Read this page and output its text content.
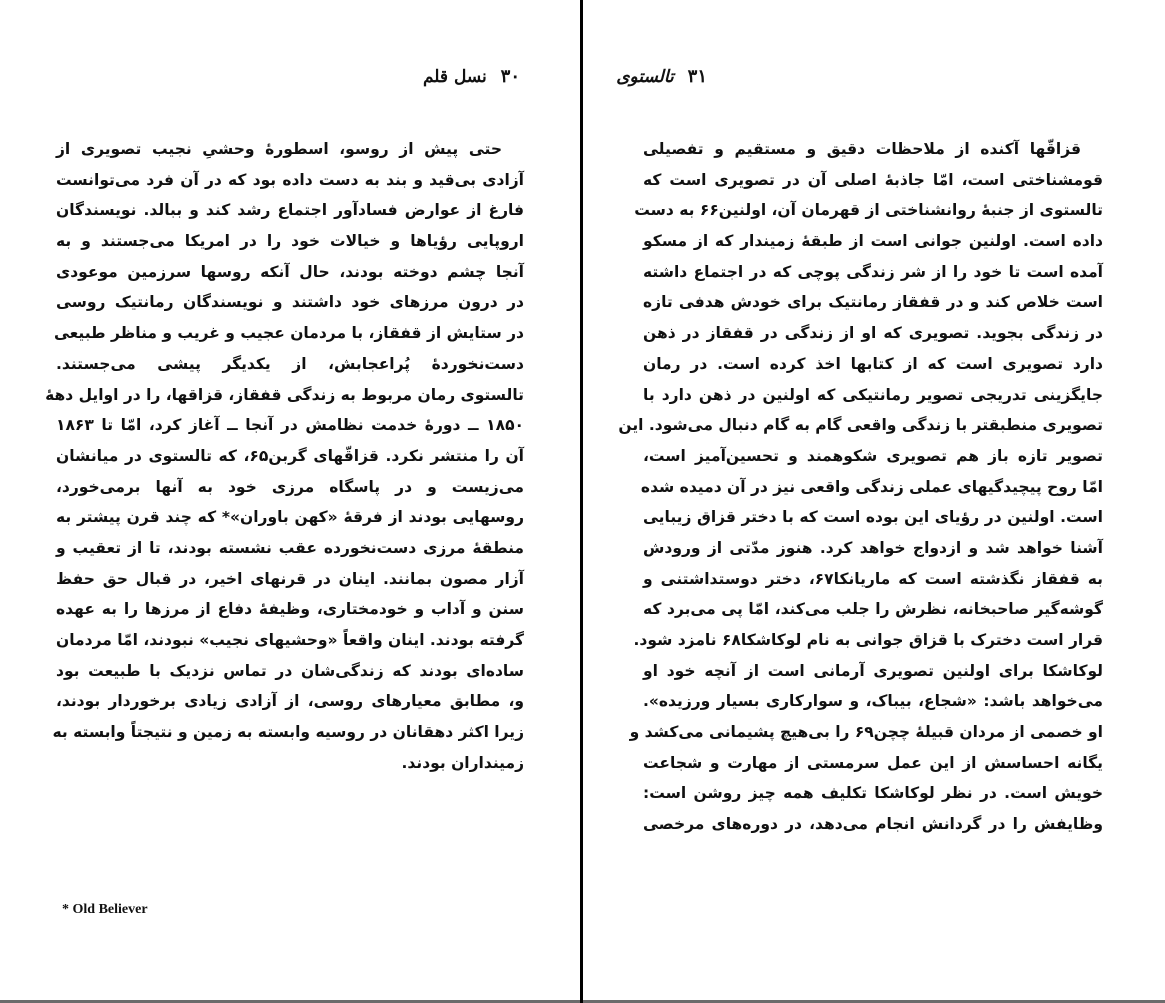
۳۰ نسل قلم
حتی پیش از روسو، اسطورهٔ وحشیِ نجیب تصویری از
آزادی بی‌قید و بند به دست داده بود که در آن فرد می‌توانست
فارغ از عوارض فسادآور اجتماع رشد کند و ببالد. نویسندگان
اروپایی رؤیاها و خیالات خود را در امریکا می‌جستند و به
آنجا چشم دوخته بودند، حال آنکه روسها سرزمین موعودی
در درون مرزهای خود داشتند و نویسندگان رمانتیک روسی
در ستایش از قفقاز، با مردمان عجیب و غریب و مناظر طبیعی
دست‌نخورده‌ٔ پُراعجابش، از یکدیگر پیشی می‌جستند.
تالستوی رمان مربوط به زندگی قفقاز، قزاقها، را در اوایل دههٔ
۱۸۵۰ ــ دورهٔ خدمت نظامش در آنجا ــ آغاز کرد، امّا تا ۱۸۶۳
آن را منتشر نکرد. قزاقّهای گربن۶۵، که تالستوی در میانشان
می‌زیست و در پاسگاه مرزی خود به آنها برمی‌خورد،
روسهایی بودند از فرقهٔ «کهن باوران»* که چند قرن پیشتر به
منطقهٔ مرزی دست‌نخورده عقب نشسته بودند، تا از تعقیب و
آزار مصون بمانند. اینان در قرنهای اخیر، در قبال حق حفظ
سنن و آداب و خودمختاری، وظیفهٔ دفاع از مرزها را به عهده
گرفته بودند. اینان واقعاً «وحشیهای نجیب» نبودند، امّا مردمان
ساده‌ای بودند که زندگی‌شان در تماس نزدیک با طبیعت بود
و، مطابق معیارهای روسی، از آزادی زیادی برخوردار بودند،
زیرا اکثر دهقانان در روسیه وابسته به زمین و نتیجتاً وابسته به
زمینداران بودند.
* Old Believer
۳۱ تالستوی
قزاقّها آکنده از ملاحظات دقیق و مستقیم و تفصیلی
قومشناختی است، امّا جاذبهٔ اصلی آن در تصویری است که
تالستوی از جنبهٔ روانشناختی از قهرمان آن، اولنین۶۶ به دست
داده است. اولنین جوانی است از طبقهٔ زمیندار که از مسکو
آمده است تا خود را از شر زندگی پوچی که در اجتماع داشته
است خلاص کند و در قفقاز رمانتیک برای خودش هدفی تازه
در زندگی بجوید. تصویری که او از زندگی در قفقاز در ذهن
دارد تصویری است که از کتابها اخذ کرده است. در رمان
جایگزینی تدریجی تصویر رمانتیکی که اولنین در ذهن دارد با
تصویری منطبقتر با زندگی واقعی گام به گام دنبال می‌شود. این
تصویر تازه باز هم تصویری شکوهمند و تحسین‌آمیز است،
امّا روح پیچیدگیهای عملی زندگی واقعی نیز در آن دمیده شده
است. اولنین در رؤیای این بوده است که با دختر قزاق زیبایی
آشنا خواهد شد و ازدواج خواهد کرد. هنوز مدّتی از ورودش
به قفقاز نگذشته است که ماریانکا۶۷، دختر دوستداشتنی و
گوشه‌گیر صاحبخانه، نظرش را جلب می‌کند، امّا پی می‌برد که
قرار است دخترک با قزاق جوانی به نام لوکاشکا۶۸ نامزد شود.
لوکاشکا برای اولنین تصویری آرمانی است از آنچه خود او
می‌خواهد باشد: «شجاع، بیباک، و سوارکاری بسیار ورزیده».
او خصمی از مردان قبیلهٔ چچن۶۹ را بی‌هیچ پشیمانی می‌کشد و
یگانه احساسش از این عمل سرمستی از مهارت و شجاعت
خویش است. در نظر لوکاشکا تکلیف همه چیز روشن است:
وظایفش را در گردانش انجام می‌دهد، در دوره‌های مرخصی
